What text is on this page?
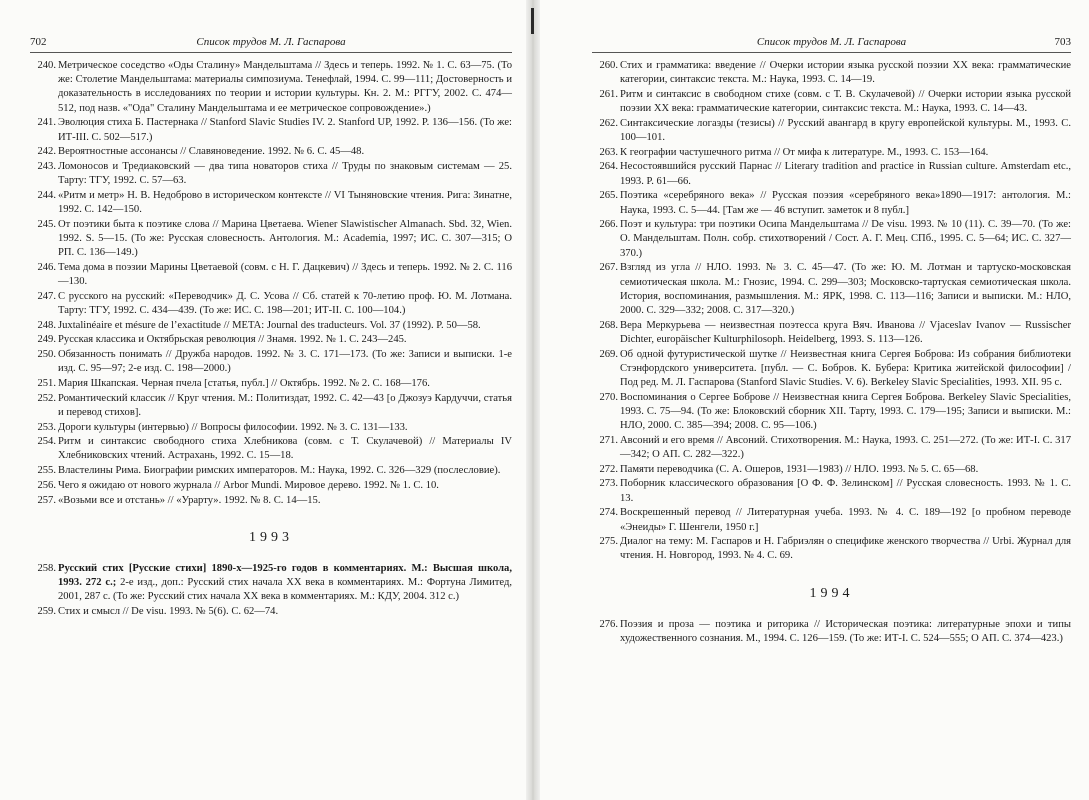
702	Список трудов М. Л. Гаспарова
240. Метрическое соседство «Оды Сталину» Мандельштама // Здесь и теперь. 1992. № 1. С. 63—75. (То же: Столетие Мандельштама: материалы симпозиума. Тенефлай, 1994. С. 99—111; Достоверность и доказательность в исследованиях по теории и истории культуры. Кн. 2. М.: РГГУ, 2002. С. 474—512, под назв. «"Ода" Сталину Мандельштама и ее метрическое сопровождение».)
241. Эволюция стиха Б. Пастернака // Stanford Slavic Studies IV. 2. Stanford UP, 1992. P. 136—156. (То же: ИТ-III. С. 502—517.)
242. Вероятностные ассонансы // Славяноведение. 1992. № 6. С. 45—48.
243. Ломоносов и Тредиаковский — два типа новаторов стиха // Труды по знаковым системам — 25. Тарту: ТГУ, 1992. С. 57—63.
244. «Ритм и метр» Н. В. Недоброво в историческом контексте // VI Тыняновские чтения. Рига: Зинатне, 1992. С. 142—150.
245. От поэтики быта к поэтике слова // Марина Цветаева. Wiener Slawistischer Almanach. Sbd. 32, Wien. 1992. S. 5—15. (То же: Русская словесность. Антология. М.: Academia, 1997; ИС. С. 307—315; О РП. С. 136—149.)
246. Тема дома в поэзии Марины Цветаевой (совм. с Н. Г. Дацкевич) // Здесь и теперь. 1992. № 2. С. 116—130.
247. С русского на русский: «Переводчик» Д. С. Усова // Сб. статей к 70-летию проф. Ю. М. Лотмана. Тарту: ТГУ, 1992. С. 434—439. (То же: ИС. С. 198—201; ИТ-II. С. 100—104.)
248. Juxtalinéaire et mésure de l’exactitude // META: Journal des traducteurs. Vol. 37 (1992). P. 50—58.
249. Русская классика и Октябрьская революция // Знамя. 1992. № 1. С. 243—245.
250. Обязанность понимать // Дружба народов. 1992. № 3. С. 171—173. (То же: Записи и выписки. 1-е изд. С. 95—97; 2-е изд. С. 198—2000.)
251. Мария Шкапская. Черная пчела [статья, публ.] // Октябрь. 1992. № 2. С. 168—176.
252. Романтический классик // Круг чтения. М.: Политиздат, 1992. С. 42—43 [о Джозуэ Кардуччи, статья и перевод стихов].
253. Дороги культуры (интервью) // Вопросы философии. 1992. № 3. С. 131—133.
254. Ритм и синтаксис свободного стиха Хлебникова (совм. с Т. Скулачевой) // Материалы IV Хлебниковских чтений. Астрахань, 1992. С. 15—18.
255. Властелины Рима. Биографии римских императоров. М.: Наука, 1992. С. 326—329 (послесловие).
256. Чего я ожидаю от нового журнала // Arbor Mundi. Мировое дерево. 1992. № 1. С. 10.
257. «Возьми все и отстань» // «Урарту». 1992. № 8. С. 14—15.
1993
258. Русский стих [Русские стихи] 1890-х—1925-го годов в комментариях. М.: Высшая школа, 1993. 272 с.; 2-е изд., доп.: Русский стих начала ХХ века в комментариях. М.: Фортуна Лимитед, 2001, 287 с. (То же: Русский стих начала ХХ века в комментариях. М.: КДУ, 2004. 312 с.)
259. Стих и смысл // De visu. 1993. № 5(6). С. 62—74.
Список трудов М. Л. Гаспарова	703
260. Стих и грамматика: введение // Очерки истории языка русской поэзии ХХ века: грамматические категории, синтаксис текста. М.: Наука, 1993. С. 14—19.
261. Ритм и синтаксис в свободном стихе (совм. с Т. В. Скулачевой) // Очерки истории языка русской поэзии ХХ века: грамматические категории, синтаксис текста. М.: Наука, 1993. С. 14—43.
262. Синтаксические логаэды (тезисы) // Русский авангард в кругу европейской культуры. М., 1993. С. 100—101.
263. К географии частушечного ритма // От мифа к литературе. М., 1993. С. 153—164.
264. Несостоявшийся русский Парнас // Literary tradition and practice in Russian culture. Amsterdam etc., 1993. P. 61—66.
265. Поэтика «серебряного века» // Русская поэзия «серебряного века»1890—1917: антология. М.: Наука, 1993. С. 5—44. [Там же — 46 вступит. заметок и 8 публ.]
266. Поэт и культура: три поэтики Осипа Мандельштама // De visu. 1993. № 10 (11). С. 39—70. (То же: О. Мандельштам. Полн. собр. стихотворений / Сост. А. Г. Мец. СПб., 1995. С. 5—64; ИС. С. 327—370.)
267. Взгляд из угла // НЛО. 1993. № 3. С. 45—47. (То же: Ю. М. Лотман и тартуско-московская семиотическая школа. М.: Гнозис, 1994. С. 299—303; Московско-тартуская семиотическая школа. История, воспоминания, размышления. М.: ЯРК, 1998. С. 113—116; Записи и выписки. М.: НЛО, 2000. С. 329—332; 2008. С. 317—320.)
268. Вера Меркурьева — неизвестная поэтесса круга Вяч. Иванова // Vjaceslav Ivanov — Russischer Dichter, europäischer Kulturphilosoph. Heidelberg, 1993. S. 113—126.
269. Об одной футуристической шутке // Неизвестная книга Сергея Боброва: Из собрания библиотеки Стэнфордского университета. [публ. — С. Бобров. К. Бубера: Критика житейской философии] / Под ред. М. Л. Гаспарова (Stanford Slavic Studies. V. 6). Berkeley Slavic Specialities, 1993. XII. 95 с.
270. Воспоминания о Сергее Боброве // Неизвестная книга Сергея Боброва. Berkeley Slavic Specialities, 1993. С. 75—94. (То же: Блоковский сборник XII. Тарту, 1993. С. 179—195; Записи и выписки. М.: НЛО, 2000. С. 385—394; 2008. С. 95—106.)
271. Авсоний и его время // Авсоний. Стихотворения. М.: Наука, 1993. С. 251—272. (То же: ИТ-I. С. 317—342; О АП. С. 282—322.)
272. Памяти переводчика (С. А. Ошеров, 1931—1983) // НЛО. 1993. № 5. С. 65—68.
273. Поборник классического образования [О Ф. Ф. Зелинском] // Русская словесность. 1993. № 1. С. 13.
274. Воскрешенный перевод // Литературная учеба. 1993. № 4. С. 189—192 [о пробном переводе «Энеиды» Г. Шенгели, 1950 г.]
275. Диалог на тему: М. Гаспаров и Н. Габриэлян о специфике женского творчества // Urbi. Журнал для чтения. Н. Новгород, 1993. № 4. С. 69.
1994
276. Поэзия и проза — поэтика и риторика // Историческая поэтика: литературные эпохи и типы художественного сознания. М., 1994. С. 126—159. (То же: ИТ-I. С. 524—555; О АП. С. 374—423.)
